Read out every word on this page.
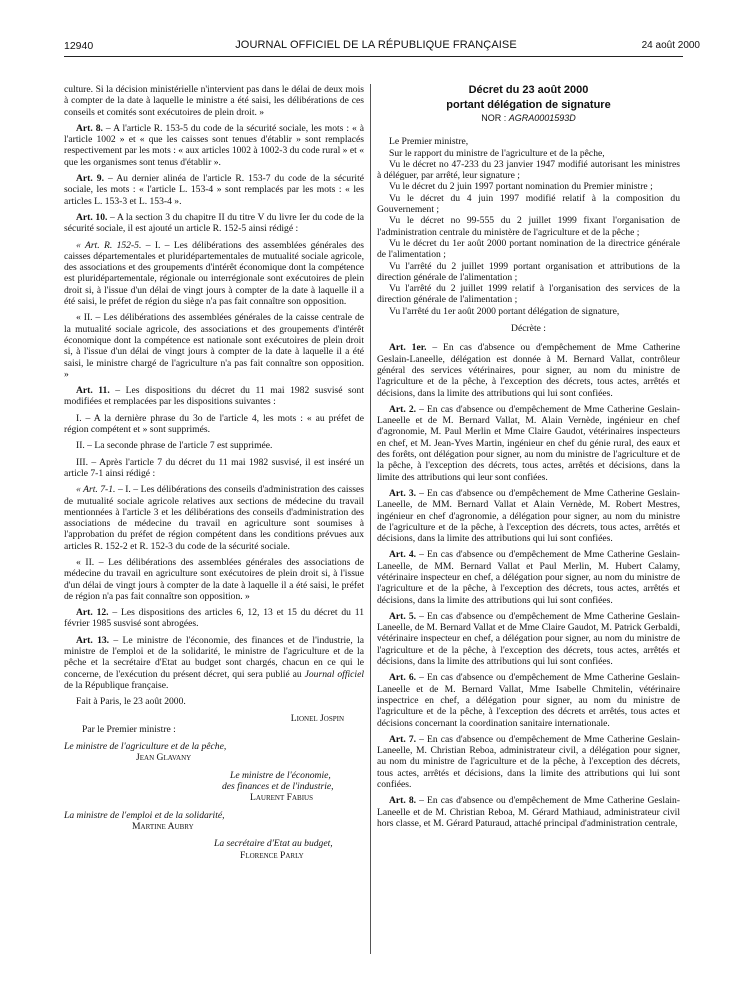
12940	JOURNAL OFFICIEL DE LA RÉPUBLIQUE FRANÇAISE	24 août 2000

culture. Si la décision ministérielle n'intervient pas dans le délai de deux mois à compter de la date à laquelle le ministre a été saisi, les délibérations de ces conseils et comités sont exécutoires de plein droit. »

Art. 8. – A l'article R. 153-5 du code de la sécurité sociale, les mots : « à l'article 1002 » et « que les caisses sont tenues d'établir » sont remplacés respectivement par les mots : « aux articles 1002 à 1002-3 du code rural » et « que les organismes sont tenus d'établir ».

Art. 9. – Au dernier alinéa de l'article R. 153-7 du code de la sécurité sociale, les mots : « l'article L. 153-4 » sont remplacés par les mots : « les articles L. 153-3 et L. 153-4 ».

Art. 10. – A la section 3 du chapitre II du titre V du livre Ier du code de la sécurité sociale, il est ajouté un article R. 152-5 ainsi rédigé :

« Art. R. 152-5. – I. – Les délibérations des assemblées générales des caisses départementales et pluridépartementales de mutualité sociale agricole, des associations et des groupements d'intérêt économique dont la compétence est pluridépartementale, régionale ou interrégionale sont exécutoires de plein droit si, à l'issue d'un délai de vingt jours à compter de la date à laquelle il a été saisi, le préfet de région du siège n'a pas fait connaître son opposition.

« II. – Les délibérations des assemblées générales de la caisse centrale de la mutualité sociale agricole, des associations et des groupements d'intérêt économique dont la compétence est nationale sont exécutoires de plein droit si, à l'issue d'un délai de vingt jours à compter de la date à laquelle il a été saisi, le ministre chargé de l'agriculture n'a pas fait connaître son opposition. »

Art. 11. – Les dispositions du décret du 11 mai 1982 susvisé sont modifiées et remplacées par les dispositions suivantes :

I. – A la dernière phrase du 3o de l'article 4, les mots : « au préfet de région compétent et » sont supprimés.

II. – La seconde phrase de l'article 7 est supprimée.

III. – Après l'article 7 du décret du 11 mai 1982 susvisé, il est inséré un article 7-1 ainsi rédigé :

« Art. 7-1. – I. – Les délibérations des conseils d'administration des caisses de mutualité sociale agricole relatives aux sections de médecine du travail mentionnées à l'article 3 et les délibérations des conseils d'administration des associations de médecine du travail en agriculture sont soumises à l'approbation du préfet de région compétent dans les conditions prévues aux articles R. 152-2 et R. 152-3 du code de la sécurité sociale.

« II. – Les délibérations des assemblées générales des associations de médecine du travail en agriculture sont exécutoires de plein droit si, à l'issue d'un délai de vingt jours à compter de la date à laquelle il a été saisi, le préfet de région n'a pas fait connaître son opposition. »

Art. 12. – Les dispositions des articles 6, 12, 13 et 15 du décret du 11 février 1985 susvisé sont abrogées.

Art. 13. – Le ministre de l'économie, des finances et de l'industrie, la ministre de l'emploi et de la solidarité, le ministre de l'agriculture et de la pêche et la secrétaire d'Etat au budget sont chargés, chacun en ce qui le concerne, de l'exécution du présent décret, qui sera publié au Journal officiel de la République française.

Fait à Paris, le 23 août 2000.

Lionel Jospin
Par le Premier ministre :
Le ministre de l'agriculture et de la pêche,
Jean Glavany
Le ministre de l'économie,
des finances et de l'industrie,
Laurent Fabius
La ministre de l'emploi et de la solidarité,
Martine Aubry
La secrétaire d'Etat au budget,
Florence Parly
Décret du 23 août 2000
portant délégation de signature
NOR : AGRA0001593D

Le Premier ministre,

Sur le rapport du ministre de l'agriculture et de la pêche,

Vu le décret no 47-233 du 23 janvier 1947 modifié autorisant les ministres à déléguer, par arrêté, leur signature ;

Vu le décret du 2 juin 1997 portant nomination du Premier ministre ;

Vu le décret du 4 juin 1997 modifié relatif à la composition du Gouvernement ;

Vu le décret no 99-555 du 2 juillet 1999 fixant l'organisation de l'administration centrale du ministère de l'agriculture et de la pêche ;

Vu le décret du 1er août 2000 portant nomination de la directrice générale de l'alimentation ;

Vu l'arrêté du 2 juillet 1999 portant organisation et attributions de la direction générale de l'alimentation ;

Vu l'arrêté du 2 juillet 1999 relatif à l'organisation des services de la direction générale de l'alimentation ;

Vu l'arrêté du 1er août 2000 portant délégation de signature,

Décrète :

Art. 1er. – En cas d'absence ou d'empêchement de Mme Catherine Geslain-Laneelle, délégation est donnée à M. Bernard Vallat, contrôleur général des services vétérinaires, pour signer, au nom du ministre de l'agriculture et de la pêche, à l'exception des décrets, tous actes, arrêtés et décisions, dans la limite des attributions qui lui sont confiées.

Art. 2. – En cas d'absence ou d'empêchement de Mme Catherine Geslain-Laneelle et de M. Bernard Vallat, M. Alain Vernède, ingénieur en chef d'agronomie, M. Paul Merlin et Mme Claire Gaudot, vétérinaires inspecteurs en chef, et M. Jean-Yves Martin, ingénieur en chef du génie rural, des eaux et des forêts, ont délégation pour signer, au nom du ministre de l'agriculture et de la pêche, à l'exception des décrets, tous actes, arrêtés et décisions, dans la limite des attributions qui leur sont confiées.

Art. 3. – En cas d'absence ou d'empêchement de Mme Catherine Geslain-Laneelle, de MM. Bernard Vallat et Alain Vernède, M. Robert Mestres, ingénieur en chef d'agronomie, a délégation pour signer, au nom du ministre de l'agriculture et de la pêche, à l'exception des décrets, tous actes, arrêtés et décisions, dans la limite des attributions qui lui sont confiées.

Art. 4. – En cas d'absence ou d'empêchement de Mme Catherine Geslain-Laneelle, de MM. Bernard Vallat et Paul Merlin, M. Hubert Calamy, vétérinaire inspecteur en chef, a délégation pour signer, au nom du ministre de l'agriculture et de la pêche, à l'exception des décrets, tous actes, arrêtés et décisions, dans la limite des attributions qui lui sont confiées.

Art. 5. – En cas d'absence ou d'empêchement de Mme Catherine Geslain-Laneelle, de M. Bernard Vallat et de Mme Claire Gaudot, M. Patrick Gerbaldi, vétérinaire inspecteur en chef, a délégation pour signer, au nom du ministre de l'agriculture et de la pêche, à l'exception des décrets, tous actes, arrêtés et décisions, dans la limite des attributions qui lui sont confiées.

Art. 6. – En cas d'absence ou d'empêchement de Mme Catherine Geslain-Laneelle et de M. Bernard Vallat, Mme Isabelle Chmitelin, vétérinaire inspectrice en chef, a délégation pour signer, au nom du ministre de l'agriculture et de la pêche, à l'exception des décrets et arrêtés, tous actes et décisions concernant la coordination sanitaire internationale.

Art. 7. – En cas d'absence ou d'empêchement de Mme Catherine Geslain-Laneelle, M. Christian Reboa, administrateur civil, a délégation pour signer, au nom du ministre de l'agriculture et de la pêche, à l'exception des décrets, tous actes, arrêtés et décisions, dans la limite des attributions qui lui sont confiées.

Art. 8. – En cas d'absence ou d'empêchement de Mme Catherine Geslain-Laneelle et de M. Christian Reboa, M. Gérard Mathiaud, administrateur civil hors classe, et M. Gérard Paturaud, attaché principal d'administration centrale,
